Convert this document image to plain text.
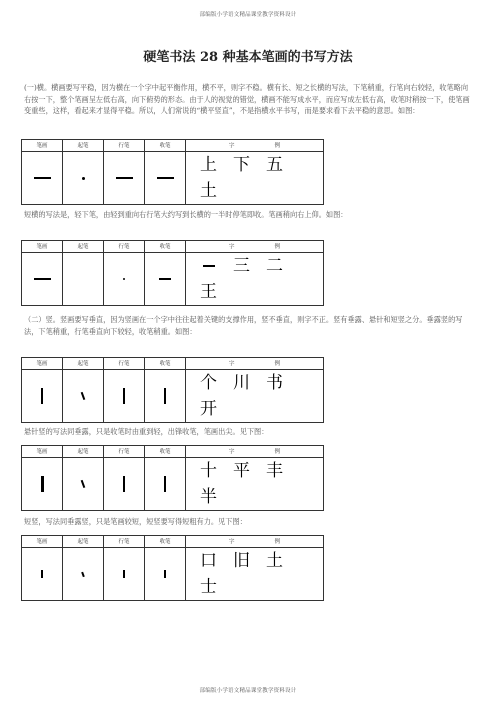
部编版小学语文精品课堂教学资料设计
硬笔书法 28 种基本笔画的书写方法

(一)横。横画要写平稳，因为横在一个字中起平衡作用，横不平，则字不稳。横有长、短之长横的写法，下笔稍重，行笔向右较轻，收笔略向右按一下，整个笔画呈左低右高，向下俯势的形态。由于人的视觉的错觉，横画不能写成水平，而应写成左低右高，收笔时稍按一下，使笔画变重些，这样，看起来才显得平稳。所以，人们常说的“横平竖直”，不是指横水平书写，而是要求看下去平稳的意思。如图：

笔画	起笔	行笔	收笔	字 例
				上 下 五土

短横的写法是，轻下笔，由轻到重向右行笔大约写到长横的一半时停笔即收。笔画稍向右上仰。如图：

笔画	起笔	行笔	收笔	字 例
				三 二王

（二）竖。竖画要写垂直，因为竖画在一个字中往往起着关键的支撑作用，竖不垂直，则字不正。竖有垂露、悬针和短竖之分。垂露竖的写法，下笔稍重，行笔垂直向下较轻，收笔稍重。如图：

笔画	起笔	行笔	收笔	字 例
				个 川 书开

悬针竖的写法同垂露，只是收笔时由重到轻，出锋收笔，笔画出尖。见下图：

笔画	起笔	行笔	收笔	字 例
				十 平 丰半

短竖，写法同垂露竖，只是笔画较短，短竖要写得短粗有力。见下图：

笔画	起笔	行笔	收笔	字 例
				口 旧 土士
部编版小学语文精品课堂教学资料设计
